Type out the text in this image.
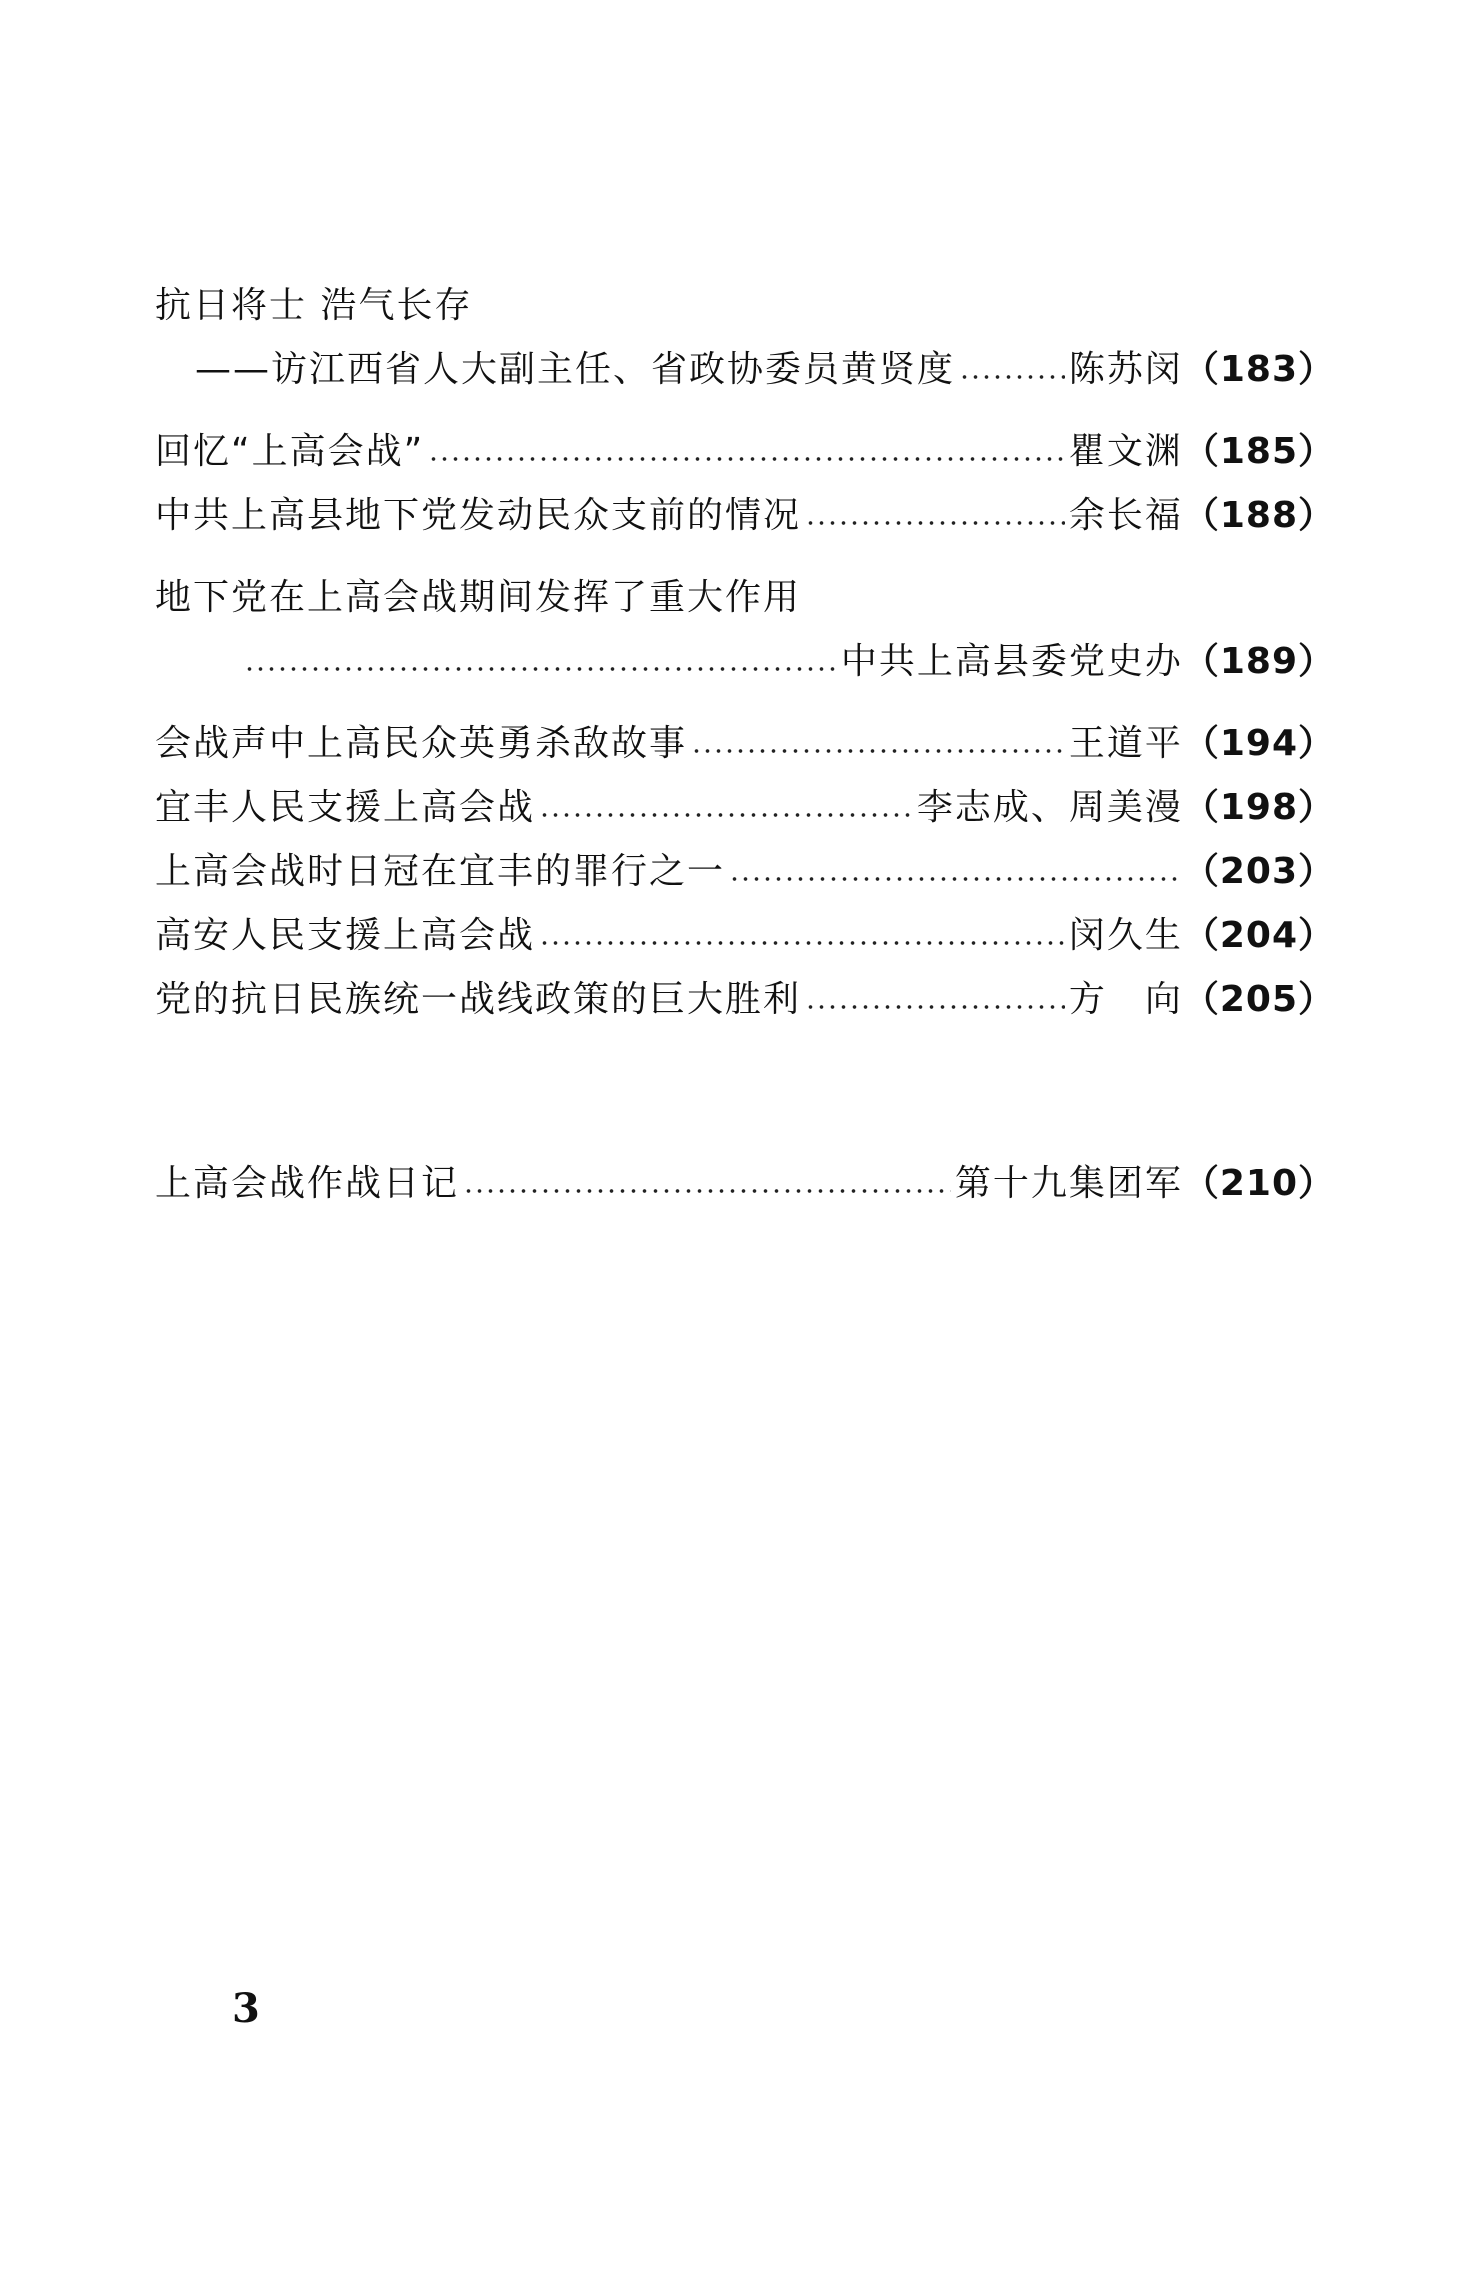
抗日将士 浩气长存
——访江西省人大副主任、省政协委员黄贤度	陈苏闵 （183）
回忆“上高会战”	瞿文渊 （185）
中共上高县地下党发动民众支前的情况	余长福 （188）
地下党在上高会战期间发挥了重大作用
中共上高县委党史办 （189）
会战声中上高民众英勇杀敌故事	王道平 （194）
宜丰人民支援上高会战	李志成、周美漫 （198）
上高会战时日冠在宜丰的罪行之一	（203）
高安人民支援上高会战	闵久生 （204）
党的抗日民族统一战线政策的巨大胜利	方　向 （205）
上高会战作战日记	第十九集团军 （210）
3
